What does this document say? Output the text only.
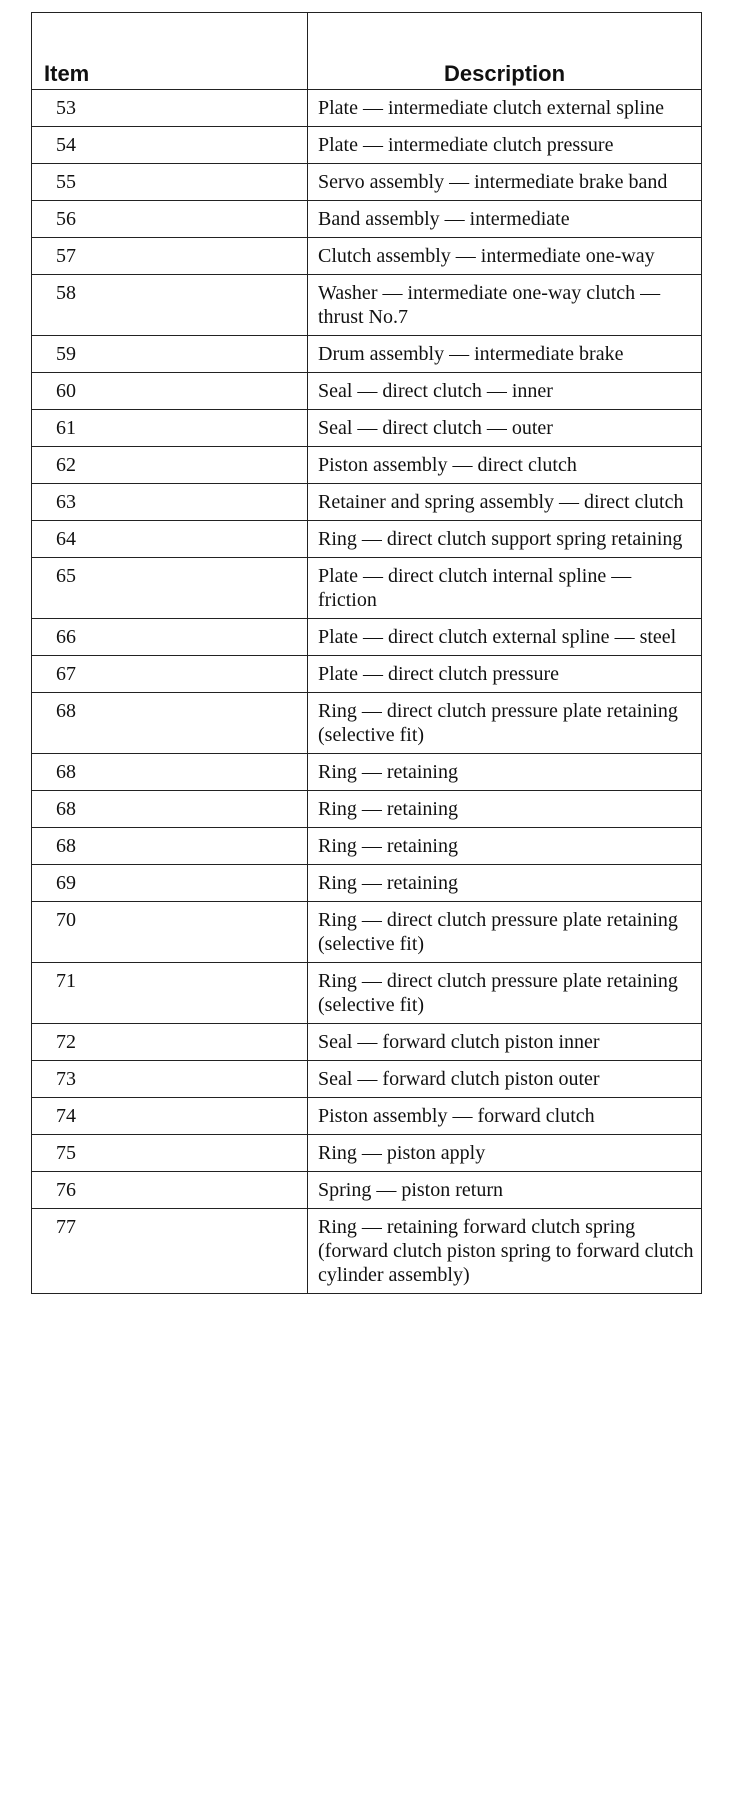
Item	Description
53	Plate — intermediate clutch external spline
54	Plate — intermediate clutch pressure
55	Servo assembly — intermediate brake band
56	Band assembly — intermediate
57	Clutch assembly — intermediate one-way
58	Washer — intermediate one-way clutch — thrust No.7
59	Drum assembly — intermediate brake
60	Seal — direct clutch — inner
61	Seal — direct clutch — outer
62	Piston assembly — direct clutch
63	Retainer and spring assembly — direct clutch
64	Ring — direct clutch support spring retaining
65	Plate — direct clutch internal spline — friction
66	Plate — direct clutch external spline — steel
67	Plate — direct clutch pressure
68	Ring — direct clutch pressure plate retaining (selective fit)
68	Ring — retaining
68	Ring — retaining
68	Ring — retaining
69	Ring — retaining
70	Ring — direct clutch pressure plate retaining (selective fit)
71	Ring — direct clutch pressure plate retaining (selective fit)
72	Seal — forward clutch piston inner
73	Seal — forward clutch piston outer
74	Piston assembly — forward clutch
75	Ring — piston apply
76	Spring — piston return
77	Ring — retaining forward clutch spring (forward clutch piston spring to forward clutch cylinder assembly)
